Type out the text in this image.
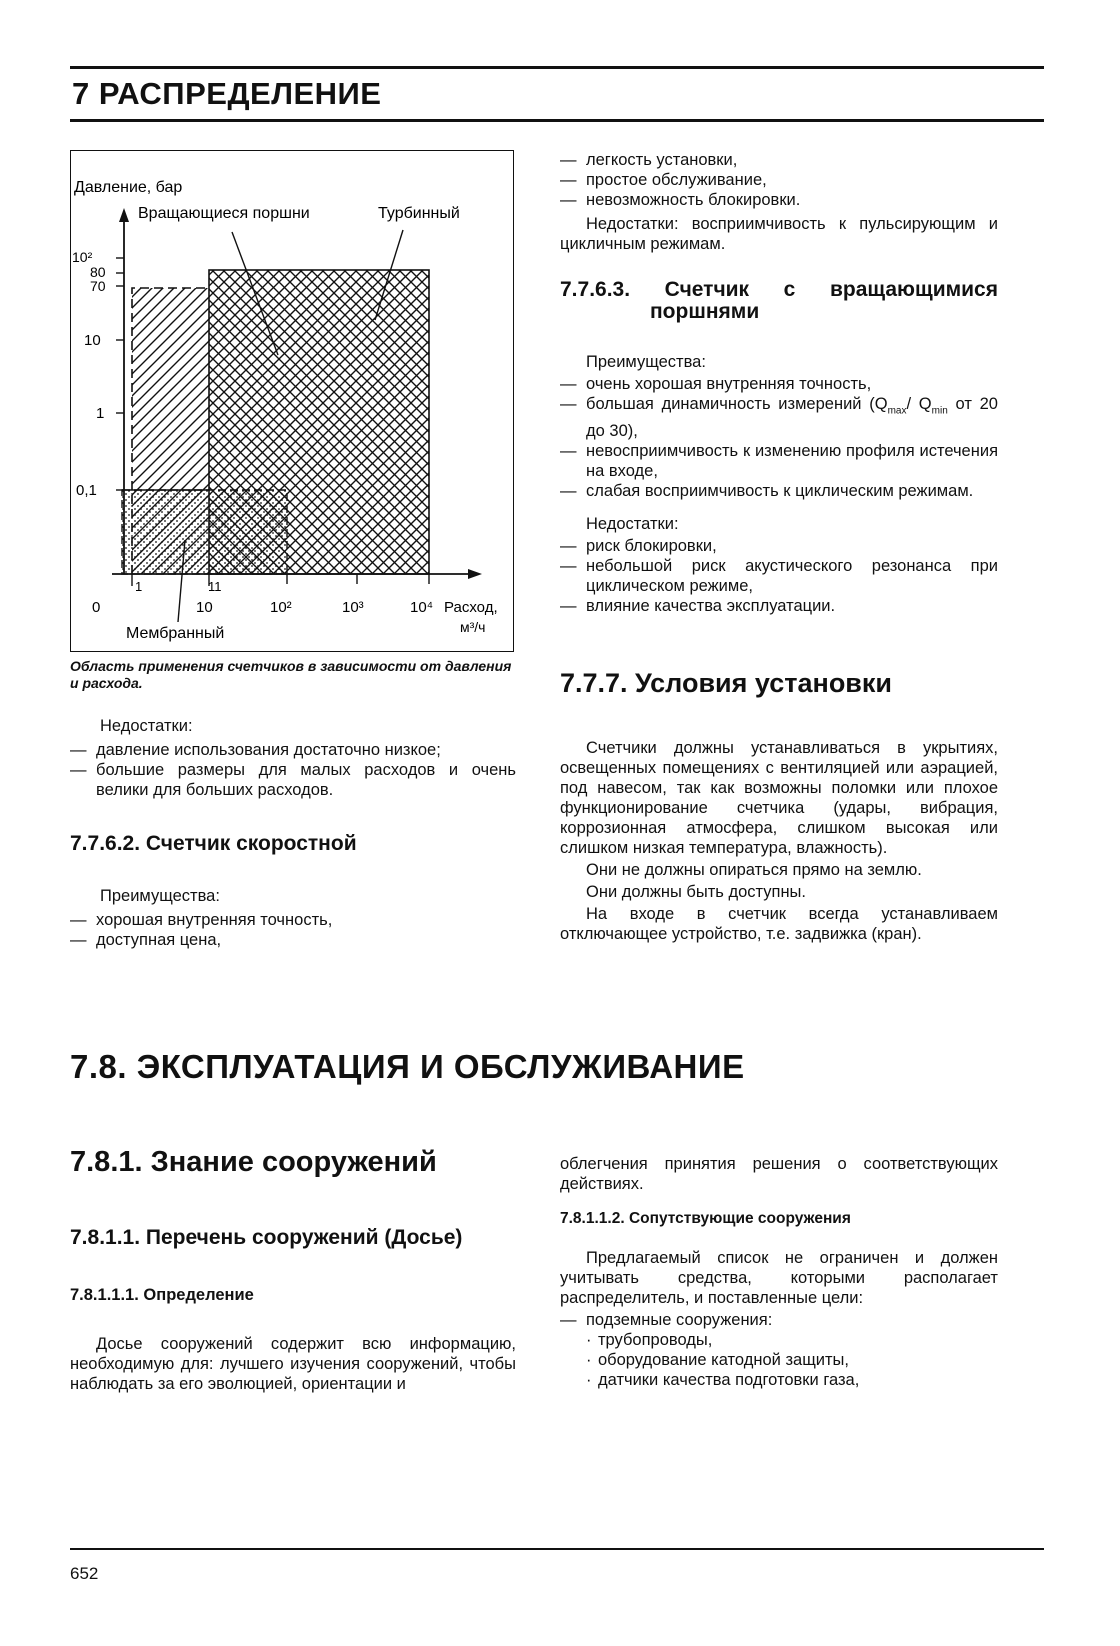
7 РАСПРЕДЕЛЕНИЕ
Давление, бар
Вращающиеся поршни	Турбинный
10²
80
70
10
1
0,1
0
1	11
10	10²	10³	10⁴ Расход,
м³/ч
Мембранный
Область применения счетчиков в зависимости от давления и расхода.
Недостатки:
— давление использования достаточно низкое;
— большие размеры для малых расходов и очень велики для больших расходов.
7.7.6.2. Счетчик скоростной
Преимущества:
— хорошая внутренняя точность,
— доступная цена,
— легкость установки,
— простое обслуживание,
— невозможность блокировки.
Недостатки: восприимчивость к пульсирующим и цикличным режимам.
7.7.6.3. Счетчик с вращающимися
поршнями
Преимущества:
— очень хорошая внутренняя точность,
— большая динамичность измерений ($Q_{max}/$ $Q_{min}$ от 20 до 30),
— невосприимчивость к изменению профиля истечения на входе,
— слабая восприимчивость к циклическим режимам.
Недостатки:
— риск блокировки,
— небольшой риск акустического резонанса при цикличеcком режиме,
— влияние качества эксплуатации.
7.7.7. Условия установки
Счетчики должны устанавливаться в укрытиях, освещенных помещениях с вентиляцией или аэрацией, под навесом, так как возможны поломки или плохое функционирование счетчика (удары, вибрация, коррозионная атмосфера, слишком высокая или слишком низкая температура, влажность).
Они не должны опираться прямо на землю.
Они должны быть доступны.
На входе в счетчик всегда устанавливаем отключающее устройство, т.е. задвижка (кран).
7.8. ЭКСПЛУАТАЦИЯ И ОБСЛУЖИВАНИЕ
7.8.1. Знание сооружений
7.8.1.1. Перечень сооружений (Досье)
7.8.1.1.1. Определение
Досье сооружений содержит всю информацию, необходимую для: лучшего изучения сооружений, чтобы наблюдать за его эволюцией, ориентации и
облегчения принятия решения о соответствующих действиях.
7.8.1.1.2. Сопутствующие сооружения
Предлагаемый список не ограничен и должен учитывать средства, которыми располагает распределитель, и поставленные цели:
— подземные сооружения:
· трубопроводы,
· оборудование катодной защиты,
· датчики качества подготовки газа,
652
